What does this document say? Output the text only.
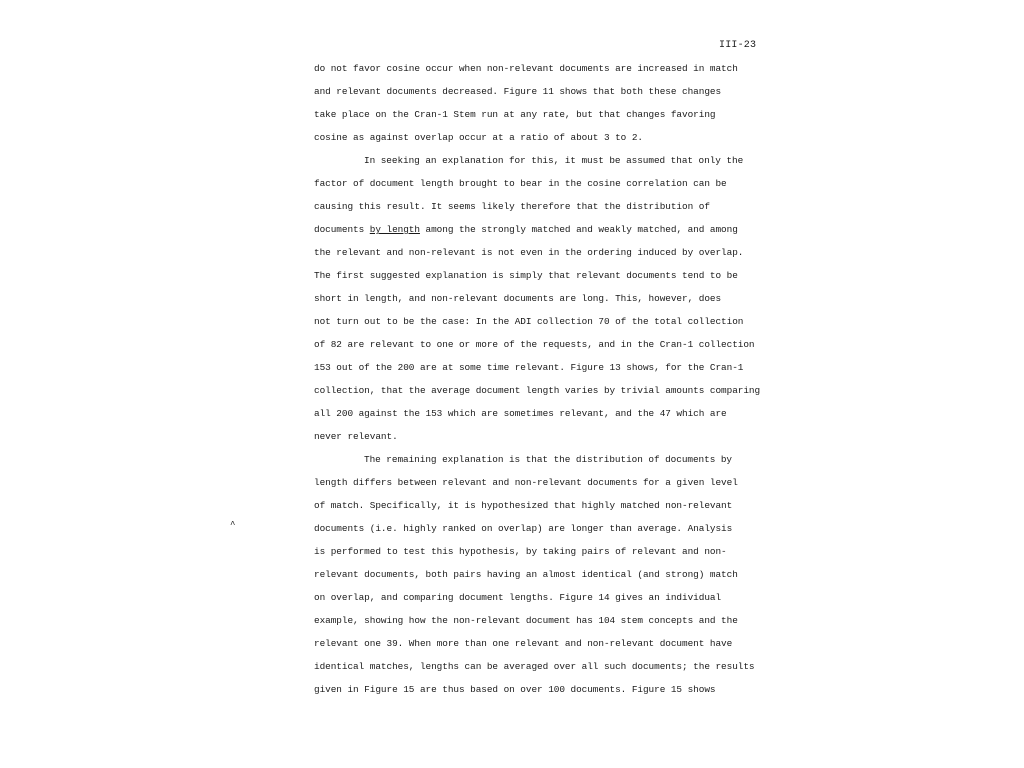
III-23
^
do not favor cosine occur when non-relevant documents are increased in match
and relevant documents decreased. Figure 11 shows that both these changes
take place on the Cran-1 Stem run at any rate, but that changes favoring
cosine as against overlap occur at a ratio of about 3 to 2.
In seeking an explanation for this, it must be assumed that only the
factor of document length brought to bear in the cosine correlation can be
causing this result. It seems likely therefore that the distribution of
documents by length among the strongly matched and weakly matched, and among
the relevant and non-relevant is not even in the ordering induced by overlap.
The first suggested explanation is simply that relevant documents tend to be
short in length, and non-relevant documents are long. This, however, does
not turn out to be the case: In the ADI collection 70 of the total collection
of 82 are relevant to one or more of the requests, and in the Cran-1 collection
153 out of the 200 are at some time relevant. Figure 13 shows, for the Cran-1
collection, that the average document length varies by trivial amounts comparing
all 200 against the 153 which are sometimes relevant, and the 47 which are
never relevant.
The remaining explanation is that the distribution of documents by
length differs between relevant and non-relevant documents for a given level
of match. Specifically, it is hypothesized that highly matched non-relevant
documents (i.e. highly ranked on overlap) are longer than average. Analysis
is performed to test this hypothesis, by taking pairs of relevant and non-
relevant documents, both pairs having an almost identical (and strong) match
on overlap, and comparing document lengths. Figure 14 gives an individual
example, showing how the non-relevant document has 104 stem concepts and the
relevant one 39. When more than one relevant and non-relevant document have
identical matches, lengths can be averaged over all such documents; the results
given in Figure 15 are thus based on over 100 documents. Figure 15 shows
